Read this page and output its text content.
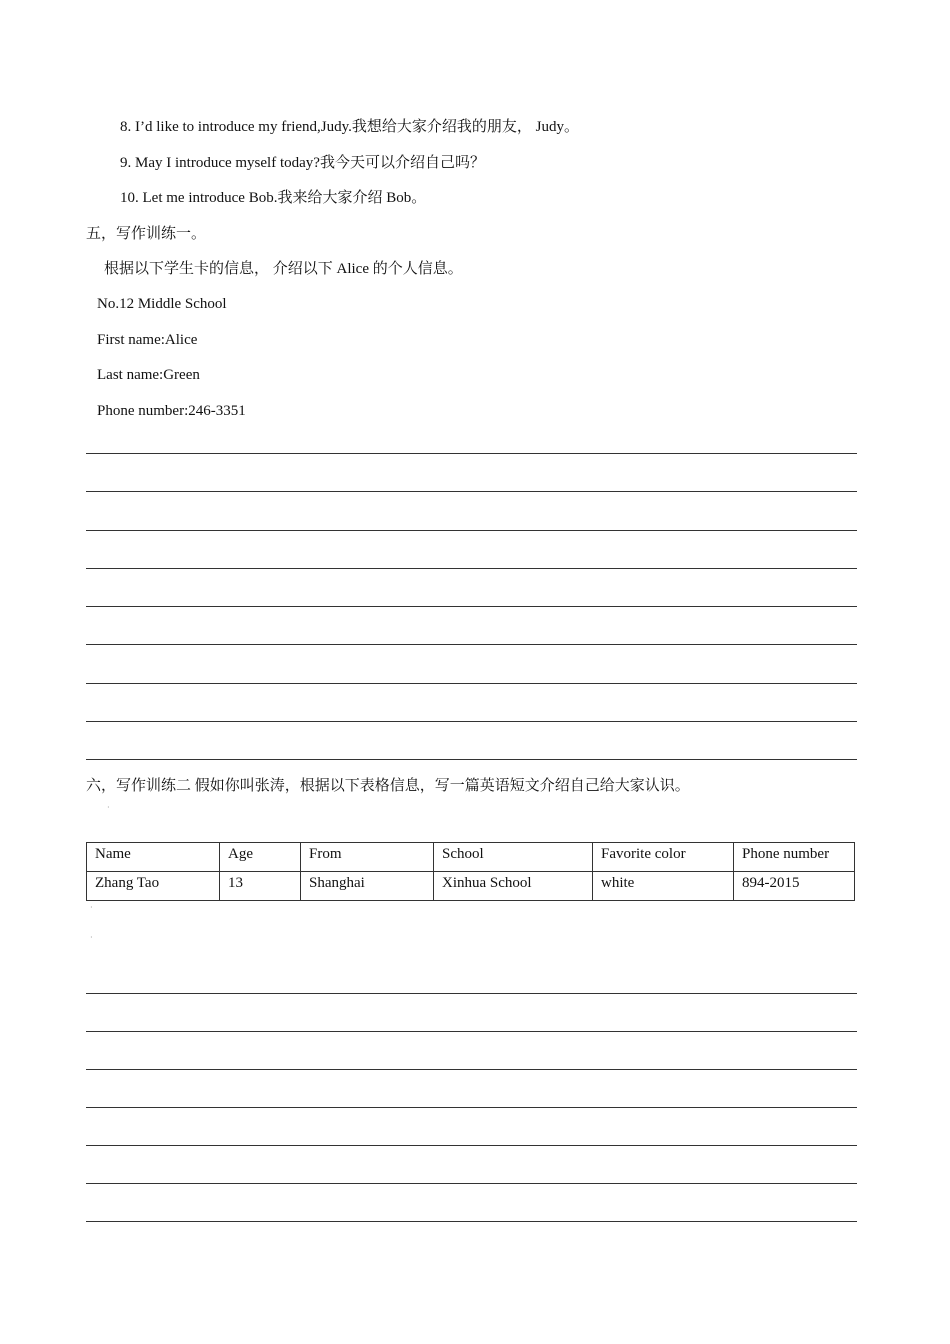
8. I’d like to introduce my friend,Judy.我想给大家介绍我的朋友， Judy。
9. May I introduce myself today?我今天可以介绍自己吗？
10. Let me introduce Bob.我来给大家介绍 Bob。
五，写作训练一。
根据以下学生卡的信息， 介绍以下 Alice 的个人信息。
No.12 Middle School
First name:Alice
Last name:Green
Phone number:246-3351
六，写作训练二 假如你叫张涛，根据以下表格信息，写一篇英语短文介绍自己给大家认识。
·
Name	Age	From	School	Favorite color	Phone number
Zhang Tao	13	Shanghai	Xinhua School	white	894-2015
·
·
